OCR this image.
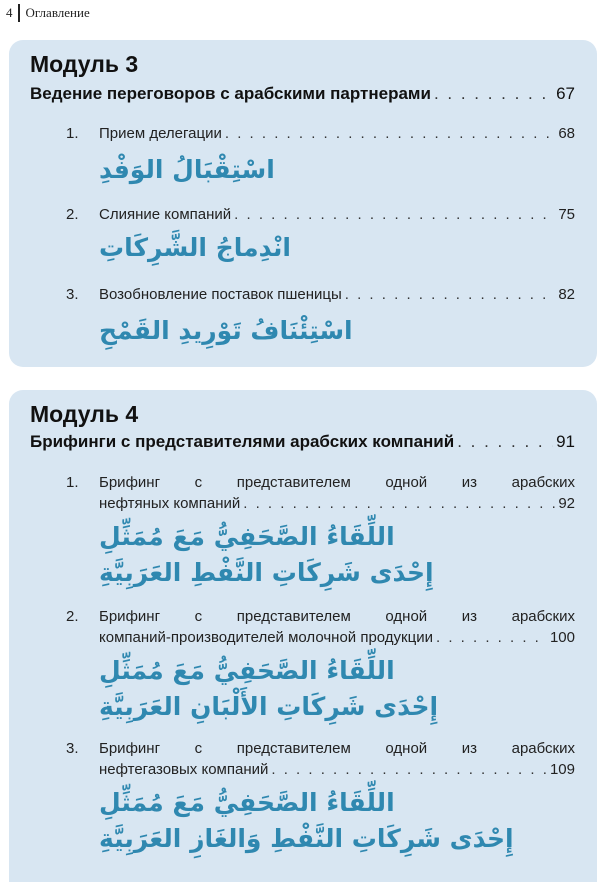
4 Оглавление
Модуль 3
Ведение переговоров с арабскими партнерами . . .	67
1. Прием делегации . . .	68
اسْتِقْبَالُ الوَفْدِ
2. Слияние компаний . . .	75
انْدِماجُ الشَّرِكَاتِ
3. Возобновление поставок пшеницы . . .	82
اسْتِئْنَافُ تَوْرِيدِ القَمْحِ
Модуль 4
Брифинги с представителями арабских компаний . . .	91
1. Брифинг с представителем одной из арабских
нефтяных компаний . . .	92
اللِّقَاءُ الصَّحَفِيُّ مَعَ مُمَثِّلِ
إِحْدَى شَرِكَاتِ النَّفْطِ العَرَبِيَّةِ
2. Брифинг с представителем одной из арабских
компаний-производителей молочной продукции . . .	100
اللِّقَاءُ الصَّحَفِيُّ مَعَ مُمَثِّلِ
إِحْدَى شَرِكَاتِ الأَلْبَانِ العَرَبِيَّةِ
3. Брифинг с представителем одной из арабских
нефтегазовых компаний . . .	109
اللِّقَاءُ الصَّحَفِيُّ مَعَ مُمَثِّلِ
إِحْدَى شَرِكَاتِ النَّفْطِ وَالغَازِ العَرَبِيَّةِ
